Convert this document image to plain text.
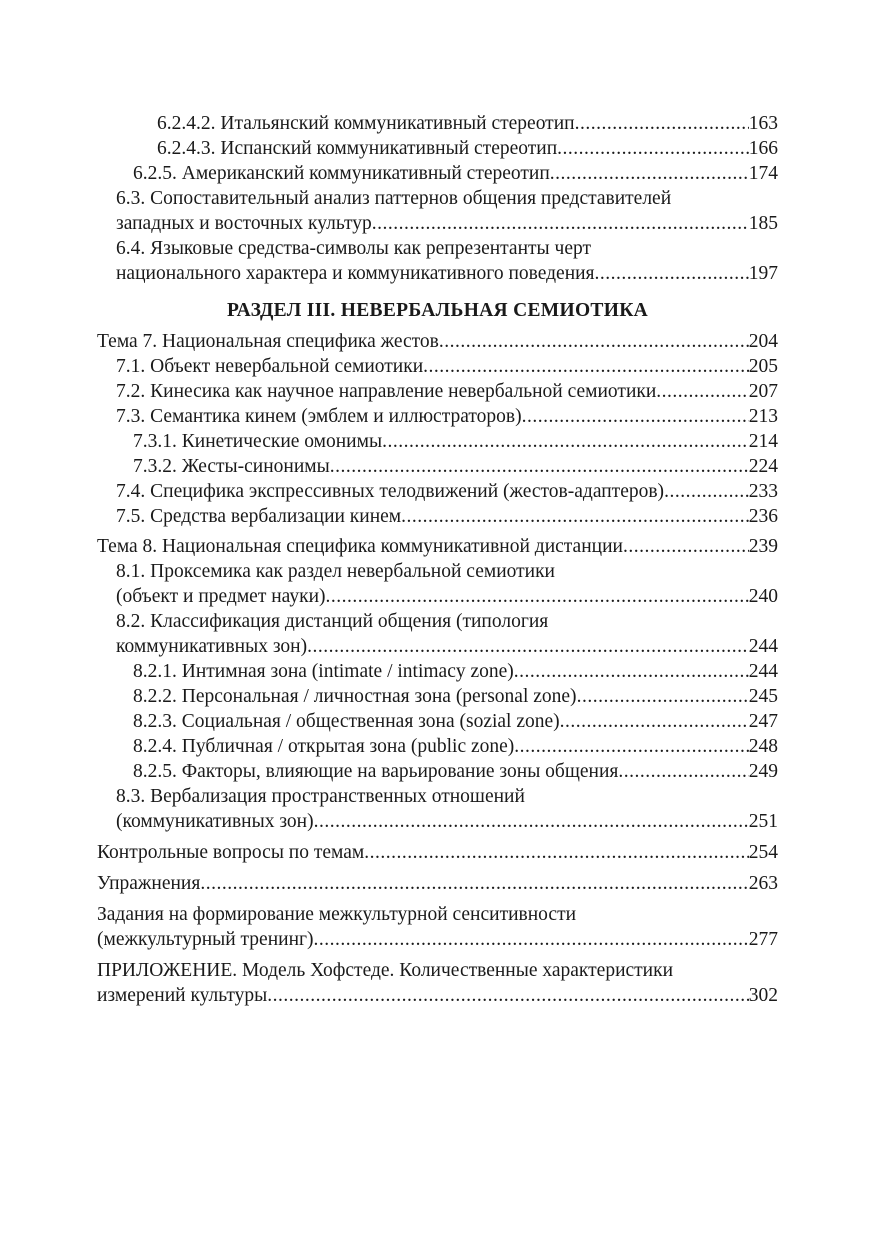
6.2.4.2. Итальянский коммуникативный стереотип .....	163
6.2.4.3. Испанский коммуникативный стереотип .....	166
6.2.5. Американский коммуникативный стереотип .....	174
6.3. Сопоставительный анализ паттернов общения представителей
западных и восточных культур .....	185
6.4. Языковые средства-символы как репрезентанты черт
национального характера и коммуникативного поведения .....	197
РАЗДЕЛ III. НЕВЕРБАЛЬНАЯ СЕМИОТИКА
Тема 7. Национальная специфика жестов .....	204
7.1. Объект невербальной семиотики .....	205
7.2. Кинесика как научное направление невербальной семиотики .....	207
7.3. Семантика кинем (эмблем и иллюстраторов) .....	213
7.3.1. Кинетические омонимы .....	214
7.3.2. Жесты-синонимы .....	224
7.4. Специфика экспрессивных телодвижений (жестов-адаптеров) .....	233
7.5. Средства вербализации кинем .....	236
Тема 8. Национальная специфика коммуникативной дистанции .....	239
8.1. Проксемика как раздел невербальной семиотики
(объект и предмет науки) .....	240
8.2. Классификация дистанций общения (типология
коммуникативных зон) .....	244
8.2.1. Интимная зона (intimate / intimacy zone) .....	244
8.2.2. Персональная / личностная зона (personal zone) .....	245
8.2.3. Социальная / общественная зона (sozial zone) .....	247
8.2.4. Публичная / открытая зона (public zone) .....	248
8.2.5. Факторы, влияющие на варьирование зоны общения .....	249
8.3. Вербализация пространственных отношений
(коммуникативных зон) .....	251
Контрольные вопросы по темам .....	254
Упражнения .....	263
Задания на формирование межкультурной сенситивности
(межкультурный тренинг) .....	277
ПРИЛОЖЕНИЕ. Модель Хофстеде. Количественные характеристики
измерений культуры .....	302
